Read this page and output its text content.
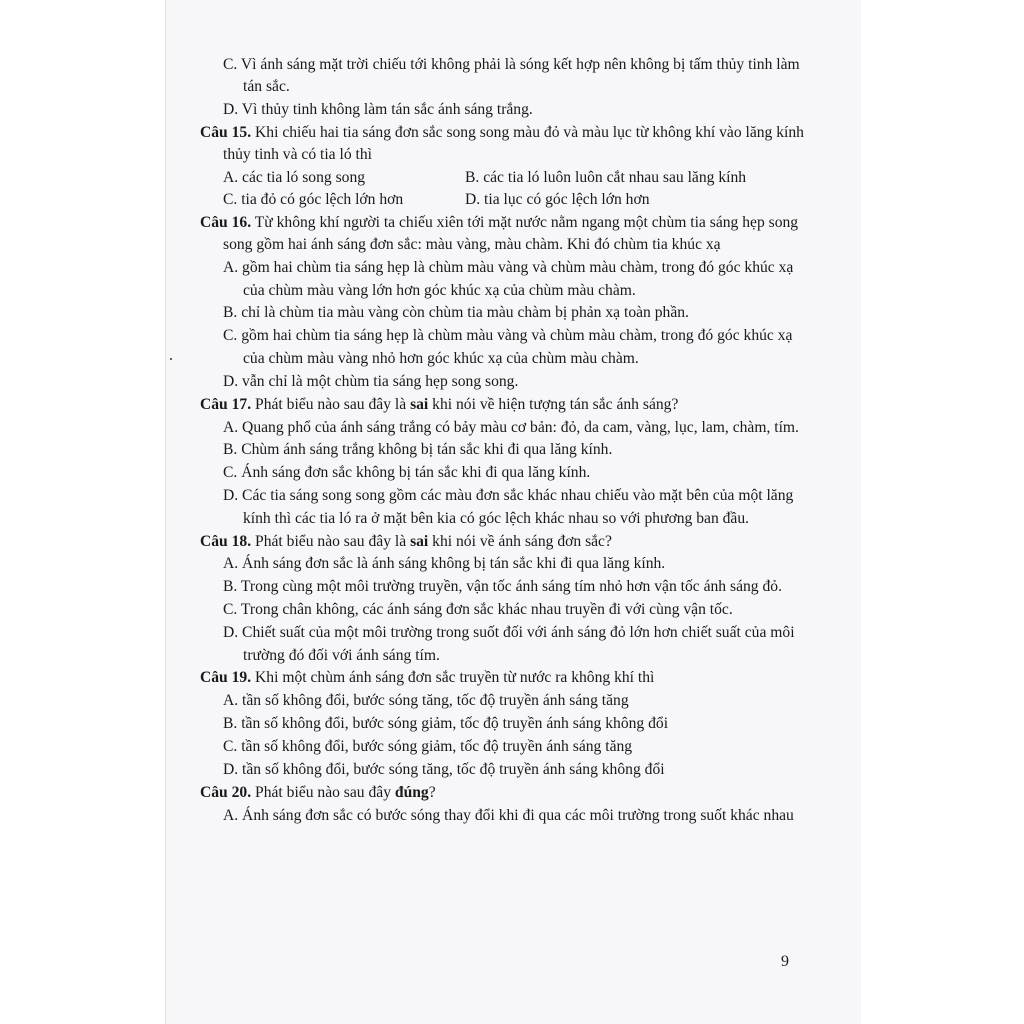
C. Vì ánh sáng mặt trời chiếu tới không phải là sóng kết hợp nên không bị tấm thủy tinh làm tán sắc.

D. Vì thủy tinh không làm tán sắc ánh sáng trắng.

Câu 15. Khi chiếu hai tia sáng đơn sắc song song màu đỏ và màu lục từ không khí vào lăng kính thủy tinh và có tia ló thì

A. các tia ló song song	B. các tia ló luôn luôn cắt nhau sau lăng kính
C. tia đỏ có góc lệch lớn hơn	D. tia lục có góc lệch lớn hơn

Câu 16. Từ không khí người ta chiếu xiên tới mặt nước nằm ngang một chùm tia sáng hẹp song song gồm hai ánh sáng đơn sắc: màu vàng, màu chàm. Khi đó chùm tia khúc xạ

A. gồm hai chùm tia sáng hẹp là chùm màu vàng và chùm màu chàm, trong đó góc khúc xạ của chùm màu vàng lớn hơn góc khúc xạ của chùm màu chàm.

B. chỉ là chùm tia màu vàng còn chùm tia màu chàm bị phản xạ toàn phần.

C. gồm hai chùm tia sáng hẹp là chùm màu vàng và chùm màu chàm, trong đó góc khúc xạ của chùm màu vàng nhỏ hơn góc khúc xạ của chùm màu chàm.

D. vẫn chỉ là một chùm tia sáng hẹp song song.

Câu 17. Phát biểu nào sau đây là sai khi nói về hiện tượng tán sắc ánh sáng?

A. Quang phổ của ánh sáng trắng có bảy màu cơ bản: đỏ, da cam, vàng, lục, lam, chàm, tím.

B. Chùm ánh sáng trắng không bị tán sắc khi đi qua lăng kính.

C. Ánh sáng đơn sắc không bị tán sắc khi đi qua lăng kính.

D. Các tia sáng song song gồm các màu đơn sắc khác nhau chiếu vào mặt bên của một lăng kính thì các tia ló ra ở mặt bên kia có góc lệch khác nhau so với phương ban đầu.

Câu 18. Phát biểu nào sau đây là sai khi nói về ánh sáng đơn sắc?

A. Ánh sáng đơn sắc là ánh sáng không bị tán sắc khi đi qua lăng kính.

B. Trong cùng một môi trường truyền, vận tốc ánh sáng tím nhỏ hơn vận tốc ánh sáng đỏ.

C. Trong chân không, các ánh sáng đơn sắc khác nhau truyền đi với cùng vận tốc.

D. Chiết suất của một môi trường trong suốt đối với ánh sáng đỏ lớn hơn chiết suất của môi trường đó đối với ánh sáng tím.

Câu 19. Khi một chùm ánh sáng đơn sắc truyền từ nước ra không khí thì

A. tần số không đổi, bước sóng tăng, tốc độ truyền ánh sáng tăng

B. tần số không đổi, bước sóng giảm, tốc độ truyền ánh sáng không đổi

C. tần số không đổi, bước sóng giảm, tốc độ truyền ánh sáng tăng

D. tần số không đổi, bước sóng tăng, tốc độ truyền ánh sáng không đổi

Câu 20. Phát biểu nào sau đây đúng?

A. Ánh sáng đơn sắc có bước sóng thay đổi khi đi qua các môi trường trong suốt khác nhau

9
